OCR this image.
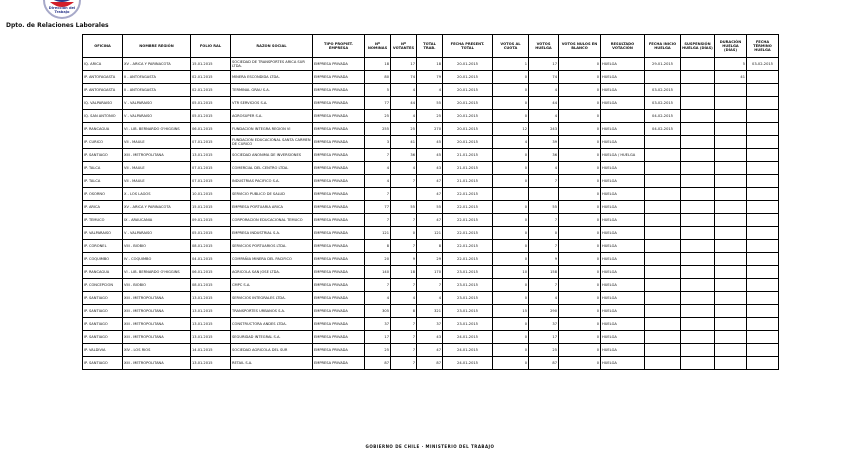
Dirección del
Trabajo
Dpto. de Relaciones Laborales
OFICINA	NOMBRE REGIÓN	FOLIO RAL	RAZON SOCIAL	TIPO PROPIET. EMPRESA	Nº NOMINAS	Nº VOTANTES	TOTAL TRAB.	FECHA PRESENT. TOTAL	VOTOS AL CUOTA	VOTOS HUELGA	VOTOS NULOS EN BLANCO	RESULTADO VOTACIÓN	FECHA INICIO HUELGA	SUSPENSIÓN HUELGA (DÍAS)	DURACIÓN HUELGA (DÍAS)	FECHA TÉRMINO HUELGA
IQ. ARICA	XV - ARICA Y PARINACOTA	15.01.2015	SOCIEDAD DE TRANSPORTES ARICA SUR LTDA.	EMPRESA PRIVADA	18	17	18	20-01-2015	1	17	0	HUELGA	29-01-2015		5	03-02-2015
IP. ANTOFAGASTA	II - ANTOFAGASTA	02.01.2015	MINERA ESCONDIDA LTDA.	EMPRESA PRIVADA	80	74	79	20-01-2015	0	74	0	HUELGA			41	
IP. ANTOFAGASTA	II - ANTOFAGASTA	02.01.2015	TERMINAL GRAU S.A.	EMPRESA PRIVADA	5	4	4	20-01-2015	0	4	0	HUELGA	03-02-2015			
IQ. VALPARAISO	V - VALPARAISO	05.01.2015	VTR SERVICIOS S.A.	EMPRESA PRIVADA	77	44	55	20-01-2015	0	44	0	HUELGA	03-02-2015			
IQ. SAN ANTONIO	V - VALPARAISO	05.01.2015	AGROSUPER S.A.	EMPRESA PRIVADA	25	4	25	20-01-2015	0	4	0		04-02-2015			
IP. RANCAGUA	VI - LIB. BERNARDO O'HIGGINS	06.01.2015	FUNDACION INTEGRA REGION VI	EMPRESA PRIVADA	255	25	270	20-01-2015	12	243	0	HUELGA	04-02-2015			
IP. CURICO	VII - MAULE	07.01.2015	FUNDACION EDUCACIONAL SANTA CARMEN DE CURICO	EMPRESA PRIVADA	3	41	45	20-01-2015	4	39	0	HUELGA				
IP. SANTIAGO	XIII - METROPOLITANA	13.01.2015	SOCIEDAD ANONIMA DE INVERSIONES	EMPRESA PRIVADA	7	36	45	21-01-2015	0	36	0	HUELGA / HUELGA				
IP. TALCA	VII - MAULE	07.01.2015	COMERCIAL DEL CENTRO LTDA.	EMPRESA PRIVADA	4	4	43	21-01-2015	0	4	0	HUELGA				
IP. TALCA	VII - MAULE	07.01.2015	INDUSTRIAS PACIFICO S.A.	EMPRESA PRIVADA	4	7	47	21-01-2015	0	7	0	HUELGA				
IP. OSORNO	X - LOS LAGOS	10.01.2015	SERVICIO PUBLICO DE SALUD	EMPRESA PRIVADA	7		47	22-01-2015			0	HUELGA				
IP. ARICA	XV - ARICA Y PARINACOTA	15.01.2015	EMPRESA PORTUARIA ARICA	EMPRESA PRIVADA	77	55	55	22-01-2015	0	55	0	HUELGA				
IP. TEMUCO	IX - ARAUCANIA	09.01.2015	CORPORACION EDUCACIONAL TEMUCO	EMPRESA PRIVADA	7	7	47	22-01-2015	0	7	0	HUELGA				
IP. VALPARAISO	V - VALPARAISO	05.01.2015	EMPRESA INDUSTRIAL S.A.	EMPRESA PRIVADA	121	0	121	22-01-2015	0	0	0	HUELGA				
IP. CORONEL	VIII - BIOBIO	08.01.2015	SERVICIOS PORTUARIOS LTDA.	EMPRESA PRIVADA	8	7	8	22-01-2015	0	7	0	HUELGA				
IP. COQUIMBO	IV - COQUIMBO	04.01.2015	COMPAÑIA MINERA DEL PACIFICO	EMPRESA PRIVADA	20	9	29	22-01-2015	0	9	0	HUELGA				
IP. RANCAGUA	VI - LIB. BERNARDO O'HIGGINS	06.01.2015	AGRICOLA SAN JOSE LTDA.	EMPRESA PRIVADA	140	18	170	23-01-2015	10	158	0	HUELGA				
IP. CONCEPCION	VIII - BIOBIO	08.01.2015	CMPC S.A.	EMPRESA PRIVADA	7	7	7	23-01-2015	0	7	0	HUELGA				
IP. SANTIAGO	XIII - METROPOLITANA	13.01.2015	SERVICIOS INTEGRALES LTDA.	EMPRESA PRIVADA	4	4	4	23-01-2015	0	4	0	HUELGA				
IP. SANTIAGO	XIII - METROPOLITANA	13.01.2015	TRANSPORTES URBANOS S.A.	EMPRESA PRIVADA	305	8	321	23-01-2015	15	290	0	HUELGA				
IP. SANTIAGO	XIII - METROPOLITANA	13.01.2015	CONSTRUCTORA ANDES LTDA.	EMPRESA PRIVADA	37	7	37	23-01-2015	0	37	0	HUELGA				
IP. SANTIAGO	XIII - METROPOLITANA	13.01.2015	SEGURIDAD INTEGRAL S.A.	EMPRESA PRIVADA	17	7	43	24-01-2015	0	17	0	HUELGA				
IP. VALDIVIA	XIV - LOS RIOS	14.01.2015	SOCIEDAD AGRICOLA DEL SUR	EMPRESA PRIVADA	25	7	47	24-01-2015	0	25	0	HUELGA				
IP. SANTIAGO	XIII - METROPOLITANA	13.01.2015	RETAIL S.A.	EMPRESA PRIVADA	87	7	87	24-01-2015	0	87	0	HUELGA				
GOBIERNO DE CHILE · MINISTERIO DEL TRABAJO
